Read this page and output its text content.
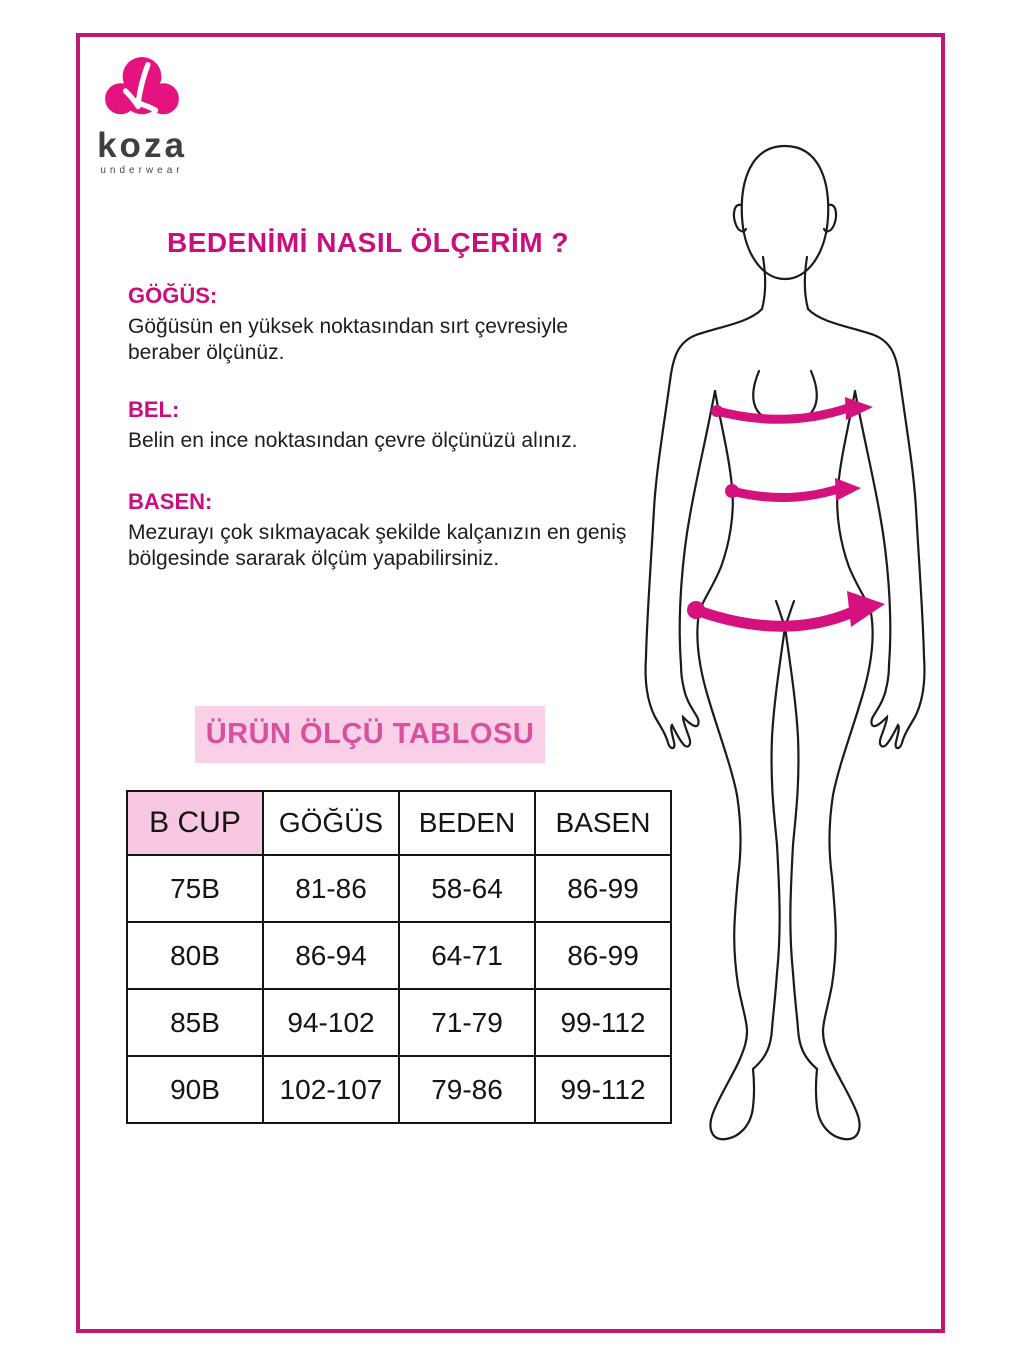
koza
underwear
BEDENİMİ NASIL ÖLÇERİM ?

GÖĞÜS:

Göğüsün en yüksek noktasından sırt çevresiyle beraber ölçünüz.

BEL:

Belin en ince noktasından çevre ölçünüzü alınız.

BASEN:

Mezurayı çok sıkmayacak şekilde kalçanızın en geniş bölgesinde sararak ölçüm yapabilirsiniz.

ÜRÜN ÖLÇÜ TABLOSU
B CUP	GÖĞÜS	BEDEN	BASEN
75B	81-86	58-64	86-99
80B	86-94	64-71	86-99
85B	94-102	71-79	99-112
90B	102-107	79-86	99-112
